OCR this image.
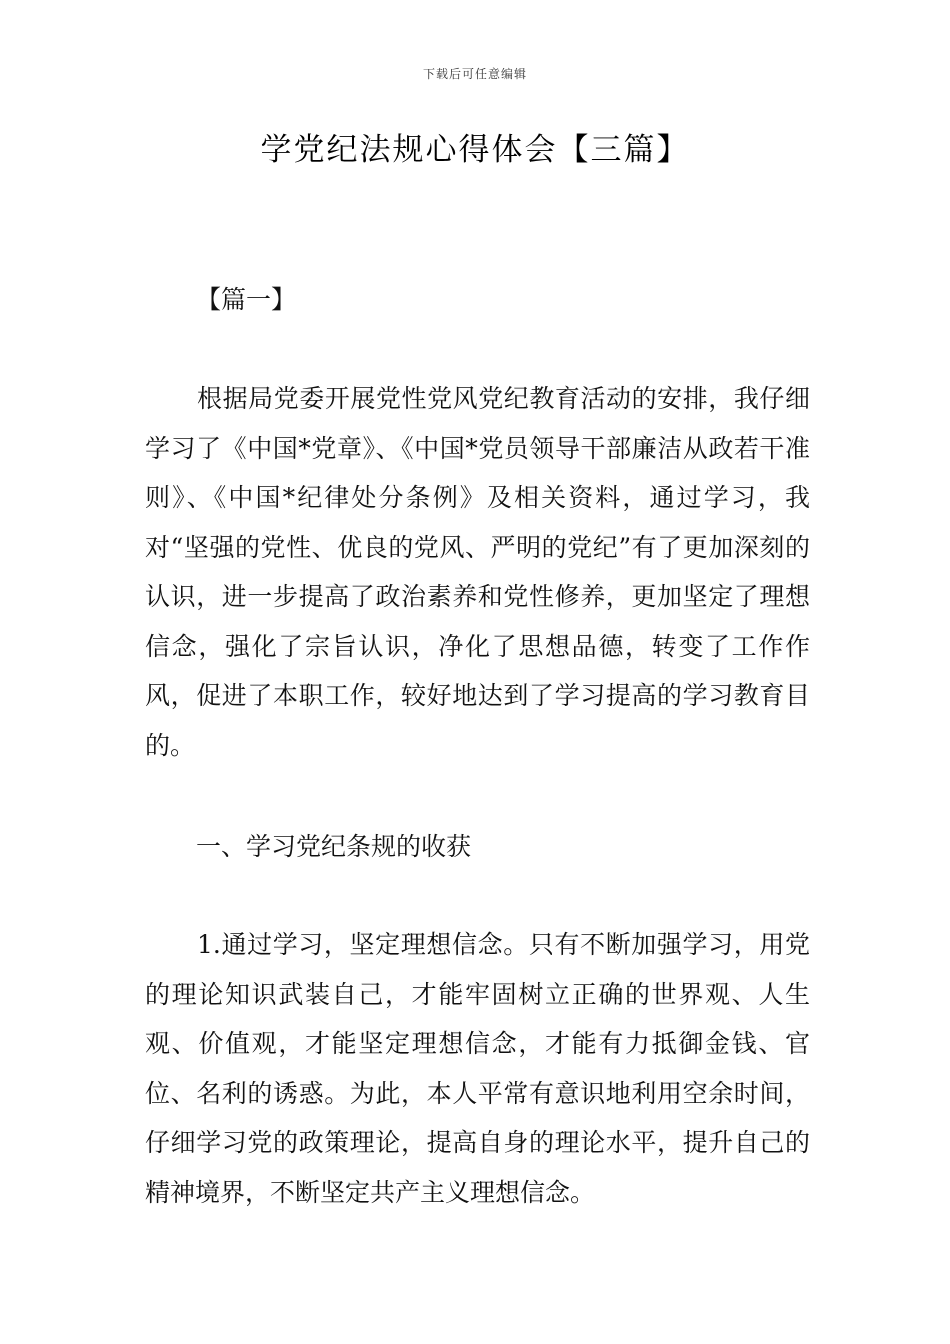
下载后可任意编辑
学党纪法规心得体会【三篇】
【篇一】

根据局党委开展党性党风党纪教育活动的安排，我仔细学习了《中国*党章》、《中国*党员领导干部廉洁从政若干准则》、《中国*纪律处分条例》及相关资料，通过学习，我对“坚强的党性、优良的党风、严明的党纪”有了更加深刻的认识，进一步提高了政治素养和党性修养，更加坚定了理想信念，强化了宗旨认识，净化了思想品德，转变了工作作风，促进了本职工作，较好地达到了学习提高的学习教育目的。

一、学习党纪条规的收获

1.通过学习，坚定理想信念。只有不断加强学习，用党的理论知识武装自己，才能牢固树立正确的世界观、人生观、价值观，才能坚定理想信念，才能有力抵御金钱、官位、名利的诱惑。为此，本人平常有意识地利用空余时间，仔细学习党的政策理论，提高自身的理论水平，提升自己的精神境界，不断坚定共产主义理想信念。
